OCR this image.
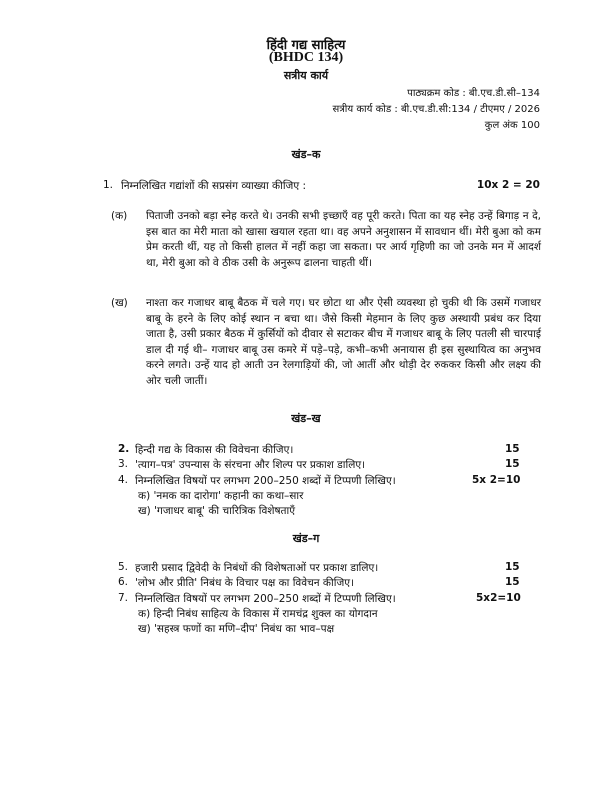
हिंदी गद्य साहित्य
(BHDC 134)
सत्रीय कार्य
पाठ्यक्रम कोड : बी.एच.डी.सी–134
सत्रीय कार्य कोड : बी.एच.डी.सी:134 / टीएमए / 2026
कुल अंक 100
खंड–क
1. निम्नलिखित गद्यांशों की सप्रसंग व्याख्या कीजिए :	10x 2 = 20
(क) पिताजी उनको बड़ा स्नेह करते थे। उनकी सभी इच्छाएँ वह पूरी करते। पिता का यह स्नेह उन्हें बिगाड़ न दे, इस बात का मेरी माता को खासा खयाल रहता था। वह अपने अनुशासन में सावधान थीं। मेरी बुआ को कम प्रेम करती थीं, यह तो किसी हालत में नहीं कहा जा सकता। पर आर्य गृहिणी का जो उनके मन में आदर्श था, मेरी बुआ को वे ठीक उसी के अनुरूप ढालना चाहती थीं।
(ख) नाश्ता कर गजाधर बाबू बैठक में चले गए। घर छोटा था और ऐसी व्यवस्था हो चुकी थी कि उसमें गजाधर बाबू के हरने के लिए कोई स्थान न बचा था। जैसे किसी मेहमान के लिए कुछ अस्थायी प्रबंध कर दिया जाता है, उसी प्रकार बैठक में कुर्सियों को दीवार से सटाकर बीच में गजाधर बाबू के लिए पतली सी चारपाई डाल दी गई थी– गजाधर बाबू उस कमरे में पड़े–पड़े, कभी–कभी अनायास ही इस सुस्थायित्व का अनुभव करने लगते। उन्हें याद हो आती उन रेलगाड़ियों की, जो आतीं और थोड़ी देर रुककर किसी और लक्ष्य की ओर चली जातीं।
खंड–ख
2. हिन्दी गद्य के विकास की विवेचना कीजिए।	15
3. 'त्याग–पत्र' उपन्यास के संरचना और शिल्प पर प्रकाश डालिए।	15
4. निम्नलिखित विषयों पर लगभग 200–250 शब्दों में टिप्पणी लिखिए।	5x 2=10
क) 'नमक का दारोगा' कहानी का कथा–सार
ख) 'गजाधर बाबू' की चारित्रिक विशेषताएँ
खंड–ग
5. हजारी प्रसाद द्विवेदी के निबंधों की विशेषताओं पर प्रकाश डालिए।	15
6. 'लोभ और प्रीति' निबंध के विचार पक्ष का विवेचन कीजिए।	15
7. निम्नलिखित विषयों पर लगभग 200–250 शब्दों में टिप्पणी लिखिए।	5x2=10
क) हिन्दी निबंध साहित्य के विकास में रामचंद्र शुक्ल का योगदान
ख) 'सहस्त्र फणों का मणि–दीप' निबंध का भाव–पक्ष
